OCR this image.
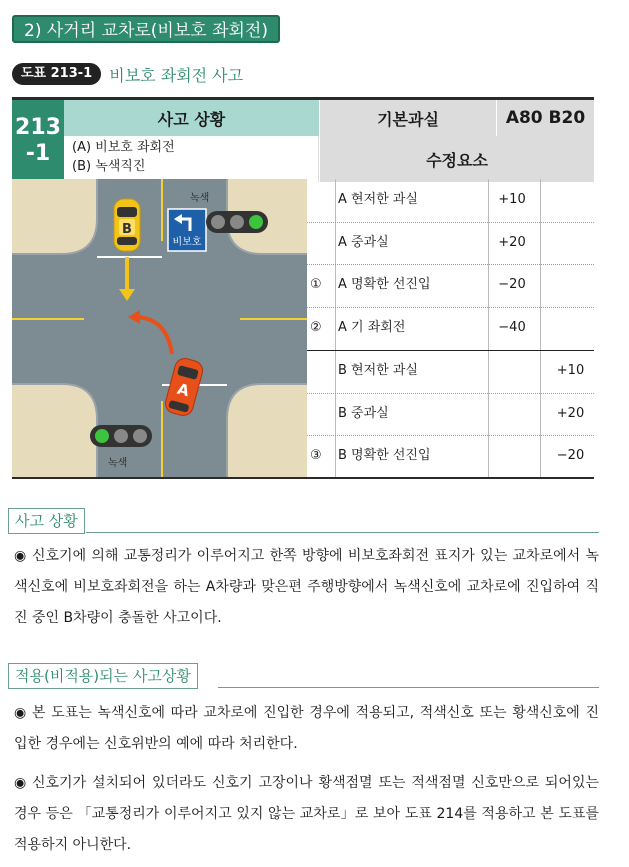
2) 사거리 교차로(비보호 좌회전)
도표 213-1	비보호 좌회전 사고
213
-1
사고 상황	기본과실	A80 B20
(A) 비보호 좌회전
(B) 녹색직진	수정요소
B
A
비보호
녹색
녹색
A 현저한 과실	+10
A 중과실	+20
①	A 명확한 선진입	−20
②	A 기 좌회전	−40
B 현저한 과실	+10
B 중과실	+20
③	B 명확한 선진입	−20
사고 상황
◉ 신호기에 의해 교통정리가 이루어지고 한쪽 방향에 비보호좌회전 표지가 있는 교차로에서 녹색신호에 비보호좌회전을 하는 A차량과 맞은편 주행방향에서 녹색신호에 교차로에 진입하여 직진 중인 B차량이 충돌한 사고이다.
적용(비적용)되는 사고상황
◉ 본 도표는 녹색신호에 따라 교차로에 진입한 경우에 적용되고, 적색신호 또는 황색신호에 진입한 경우에는 신호위반의 예에 따라 처리한다.
◉ 신호기가 설치되어 있더라도 신호기 고장이나 황색점멸 또는 적색점멸 신호만으로 되어있는 경우 등은 「교통정리가 이루어지고 있지 않는 교차로」로 보아 도표 214를 적용하고 본 도표를 적용하지 아니한다.
